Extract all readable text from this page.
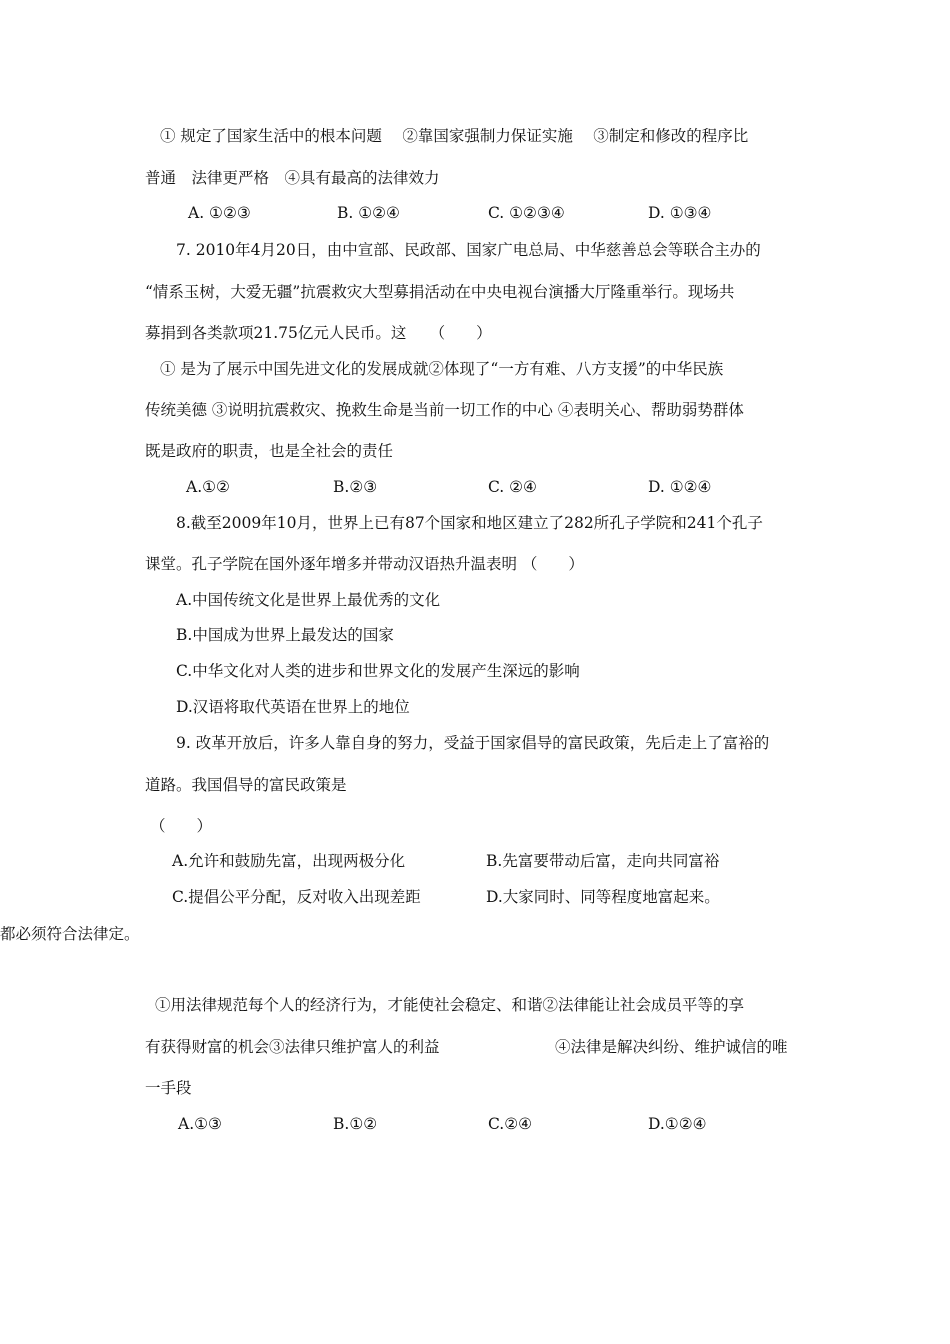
① 规定了国家生活中的根本问题　 ②靠国家强制力保证实施　 ③制定和修改的程序比
普通　法律更严格　④具有最高的法律效力
A. ①②③	B. ①②④	C. ①②③④	D. ①③④
7. 2010年4月20日，由中宣部、民政部、国家广电总局、中华慈善总会等联合主办的
“情系玉树，大爱无疆”抗震救灾大型募捐活动在中央电视台演播大厅隆重举行。现场共
募捐到各类款项21.75亿元人民币。这　　（　　）
① 是为了展示中国先进文化的发展成就②体现了“一方有难、八方支援”的中华民族
传统美德 ③说明抗震救灾、挽救生命是当前一切工作的中心 ④表明关心、帮助弱势群体
既是政府的职责，也是全社会的责任
A.①②	B.②③	C. ②④	D. ①②④
8.截至2009年10月，世界上已有87个国家和地区建立了282所孔子学院和241个孔子
课堂。孔子学院在国外逐年增多并带动汉语热升温表明 （　　）
A.中国传统文化是世界上最优秀的文化
B.中国成为世界上最发达的国家
C.中华文化对人类的进步和世界文化的发展产生深远的影响
D.汉语将取代英语在世界上的地位
9. 改革开放后，许多人靠自身的努力，受益于国家倡导的富民政策，先后走上了富裕的
道路。我国倡导的富民政策是
（　　）
A.允许和鼓励先富，出现两极分化	B.先富要带动后富，走向共同富裕
C.提倡公平分配，反对收入出现差距	D.大家同时、同等程度地富起来。
都必须符合法律定。
①用法律规范每个人的经济行为，才能使社会稳定、和谐②法律能让社会成员平等的享
有获得财富的机会③法律只维护富人的利益	④法律是解决纠纷、维护诚信的唯
一手段
A.①③	B.①②	C.②④	D.①②④
